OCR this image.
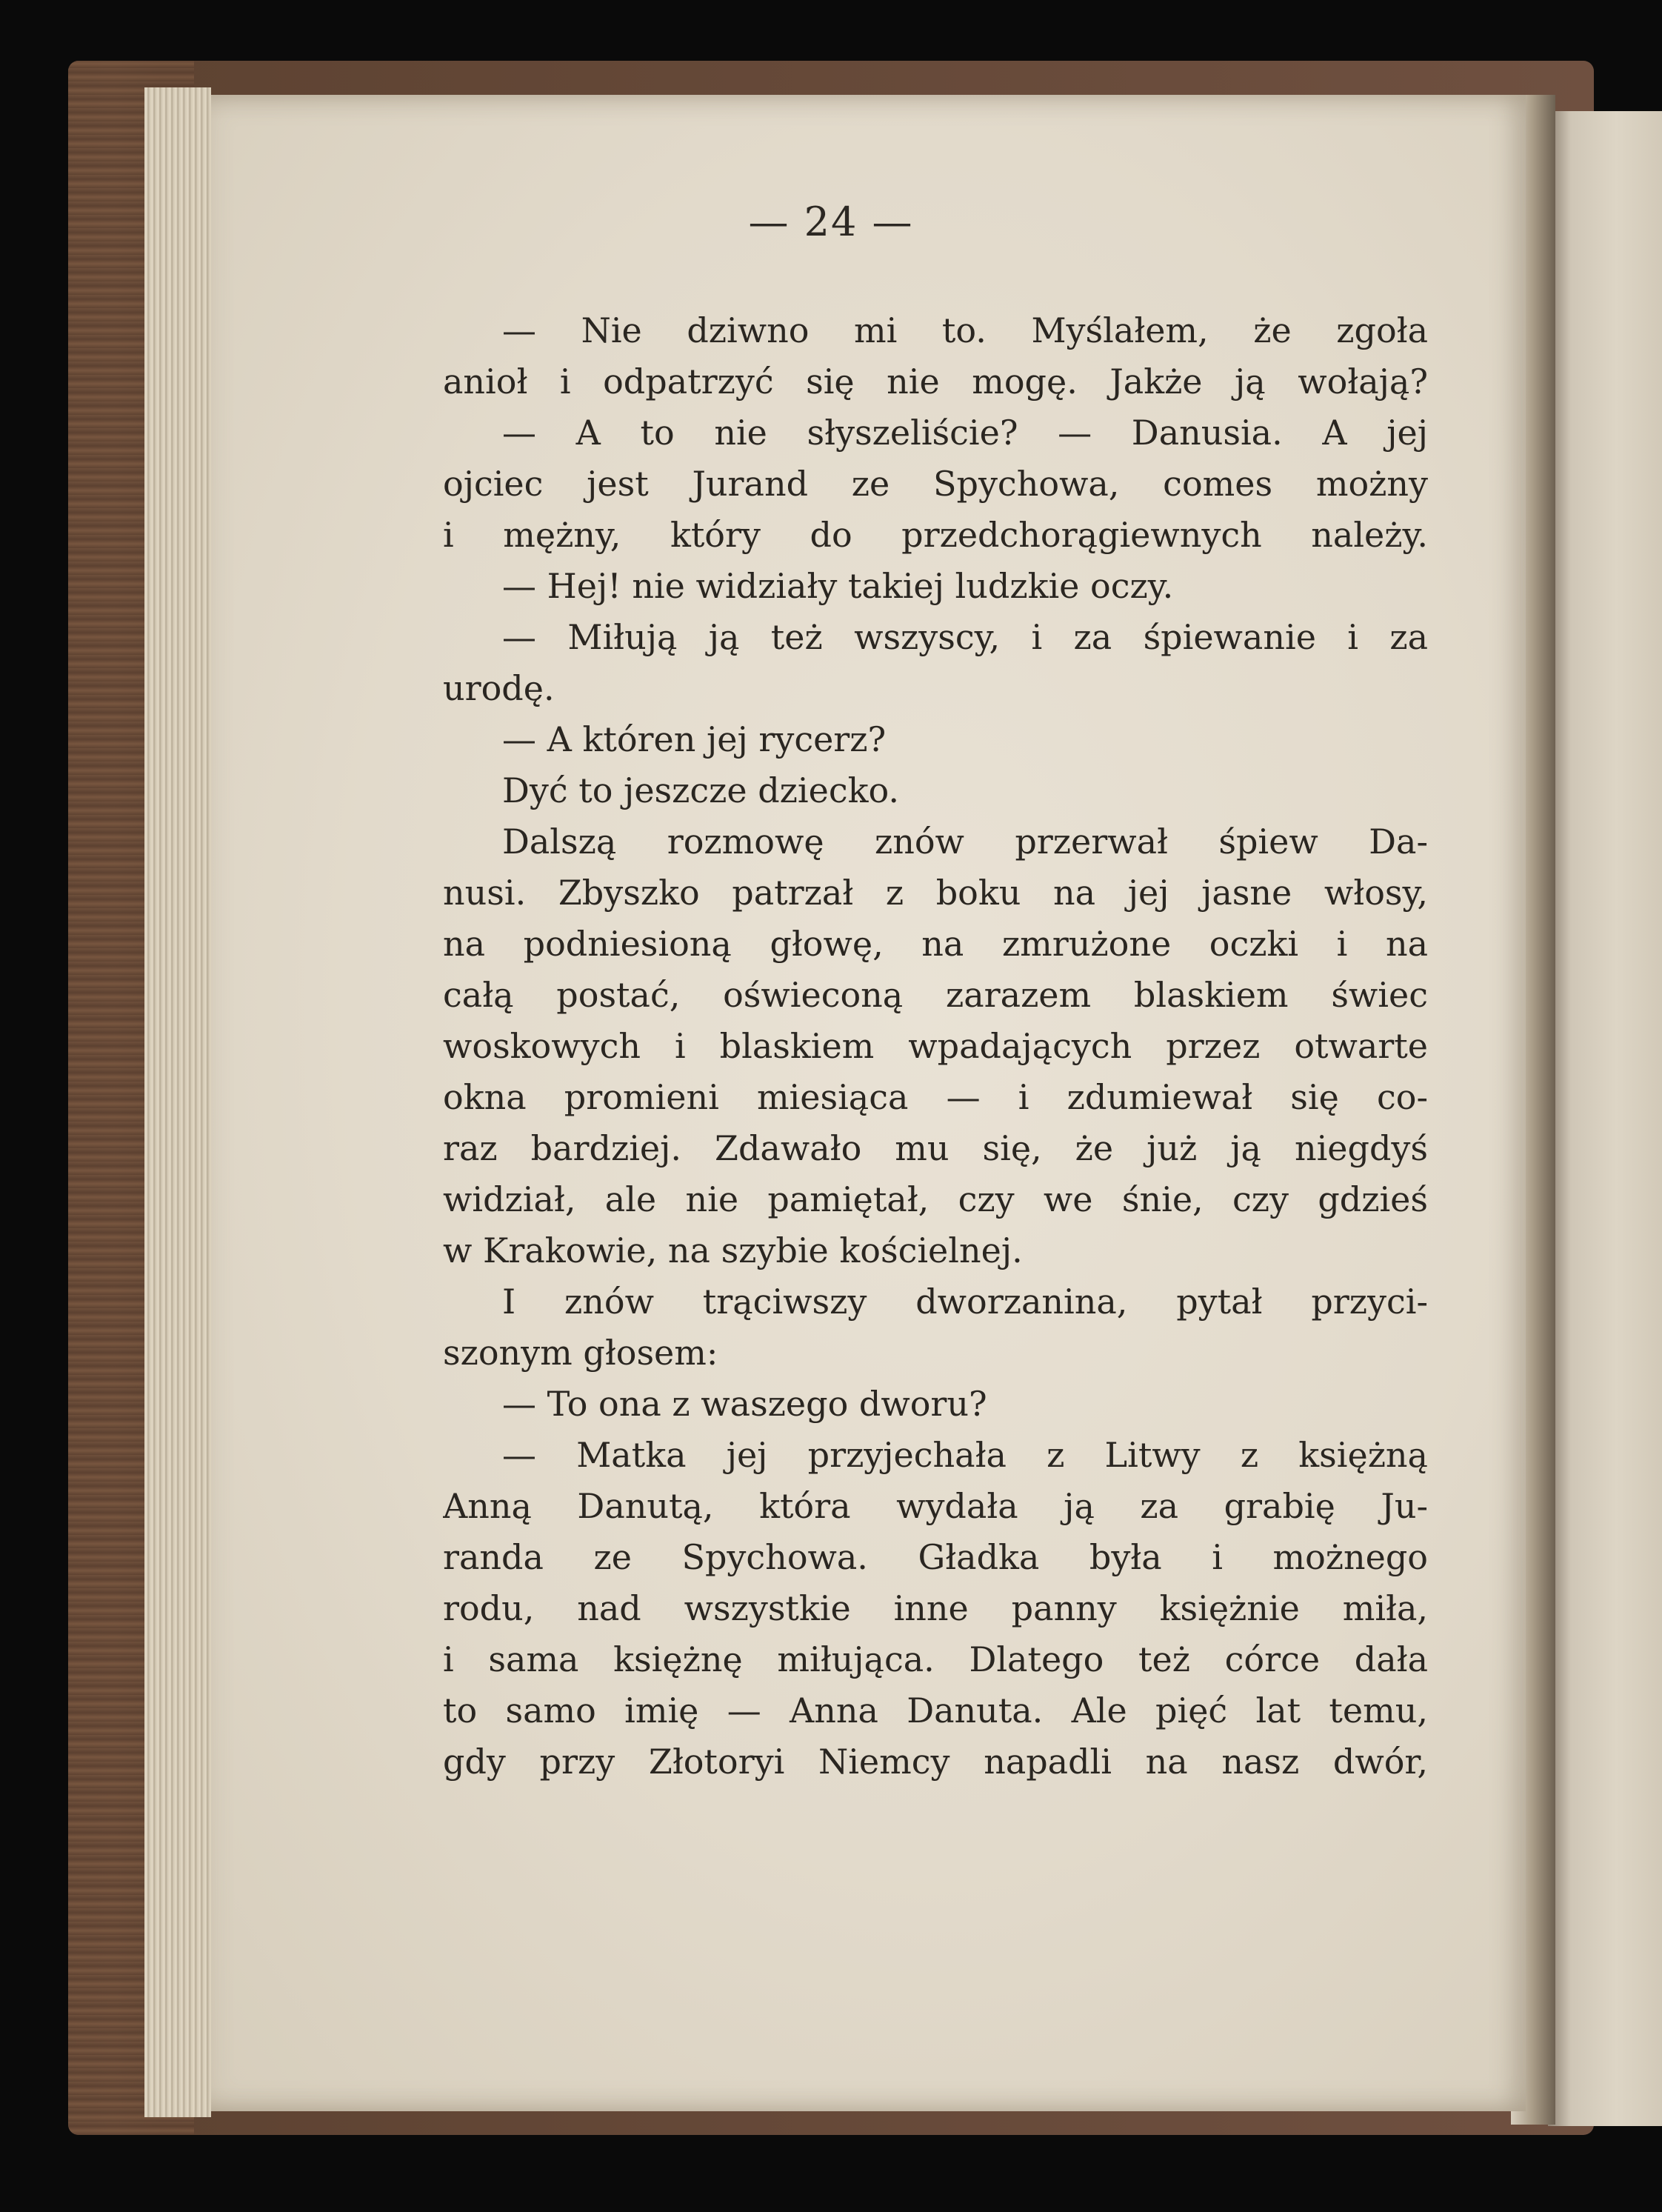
— 24 —
— Nie dziwno mi to. Myślałem, że zgoła
anioł i odpatrzyć się nie mogę. Jakże ją wołają?
— A to nie słyszeliście? — Danusia. A jej
ojciec jest Jurand ze Spychowa, comes możny
i mężny, który do przedchorągiewnych należy.
— Hej! nie widziały takiej ludzkie oczy.
— Miłują ją też wszyscy, i za śpiewanie i za
urodę.
— A któren jej rycerz?
Dyć to jeszcze dziecko.
Dalszą rozmowę znów przerwał śpiew Da-
nusi. Zbyszko patrzał z boku na jej jasne włosy,
na podniesioną głowę, na zmrużone oczki i na
całą postać, oświeconą zarazem blaskiem świec
woskowych i blaskiem wpadających przez otwarte
okna promieni miesiąca — i zdumiewał się co-
raz bardziej. Zdawało mu się, że już ją niegdyś
widział, ale nie pamiętał, czy we śnie, czy gdzieś
w Krakowie, na szybie kościelnej.
I znów trąciwszy dworzanina, pytał przyci-
szonym głosem:
— To ona z waszego dworu?
— Matka jej przyjechała z Litwy z księżną
Anną Danutą, która wydała ją za grabię Ju-
randa ze Spychowa. Gładka była i możnego
rodu, nad wszystkie inne panny księżnie miła,
i sama księżnę miłująca. Dlatego też córce dała
to samo imię — Anna Danuta. Ale pięć lat temu,
gdy przy Złotoryi Niemcy napadli na nasz dwór,
